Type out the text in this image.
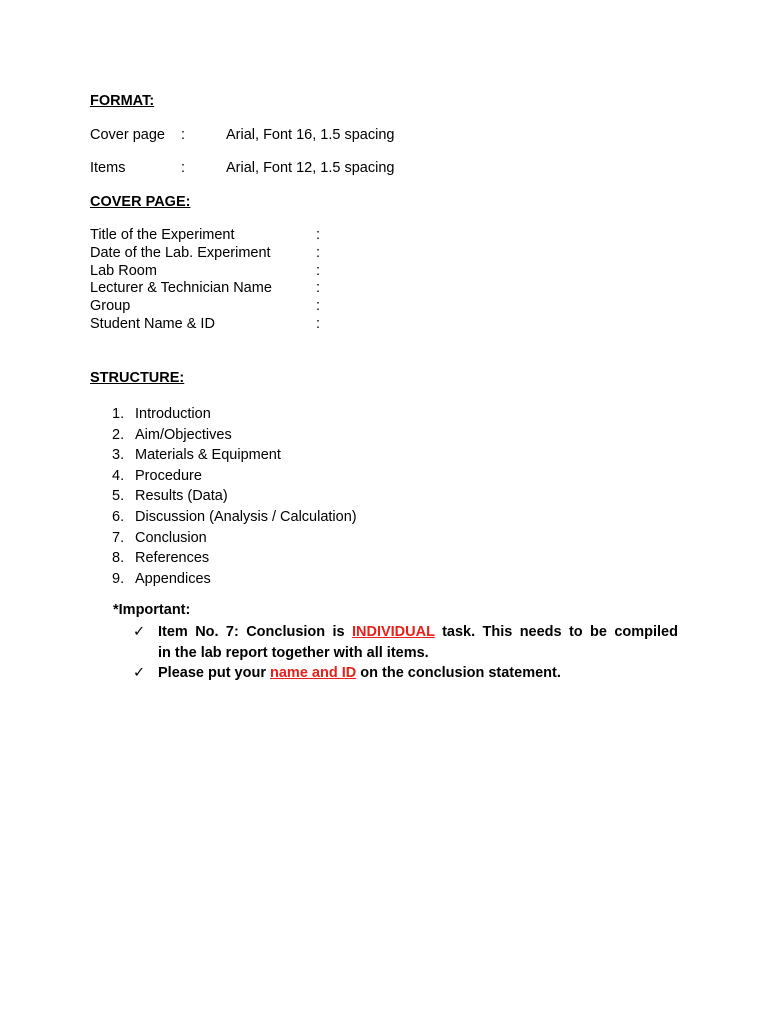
FORMAT:
Cover page :	Arial, Font 16, 1.5 spacing
Items	:	Arial, Font 12, 1.5 spacing
COVER PAGE:
Title of the Experiment	:
Date of the Lab. Experiment	:
Lab Room	:
Lecturer & Technician Name	:
Group	:
Student Name & ID	:
STRUCTURE:
1. Introduction
2. Aim/Objectives
3. Materials & Equipment
4. Procedure
5. Results (Data)
6. Discussion (Analysis / Calculation)
7. Conclusion
8. References
9. Appendices
*Important:
✓ Item No. 7: Conclusion is INDIVIDUAL task. This needs to be compiled
in the lab report together with all items.
✓ Please put your name and ID on the conclusion statement.
